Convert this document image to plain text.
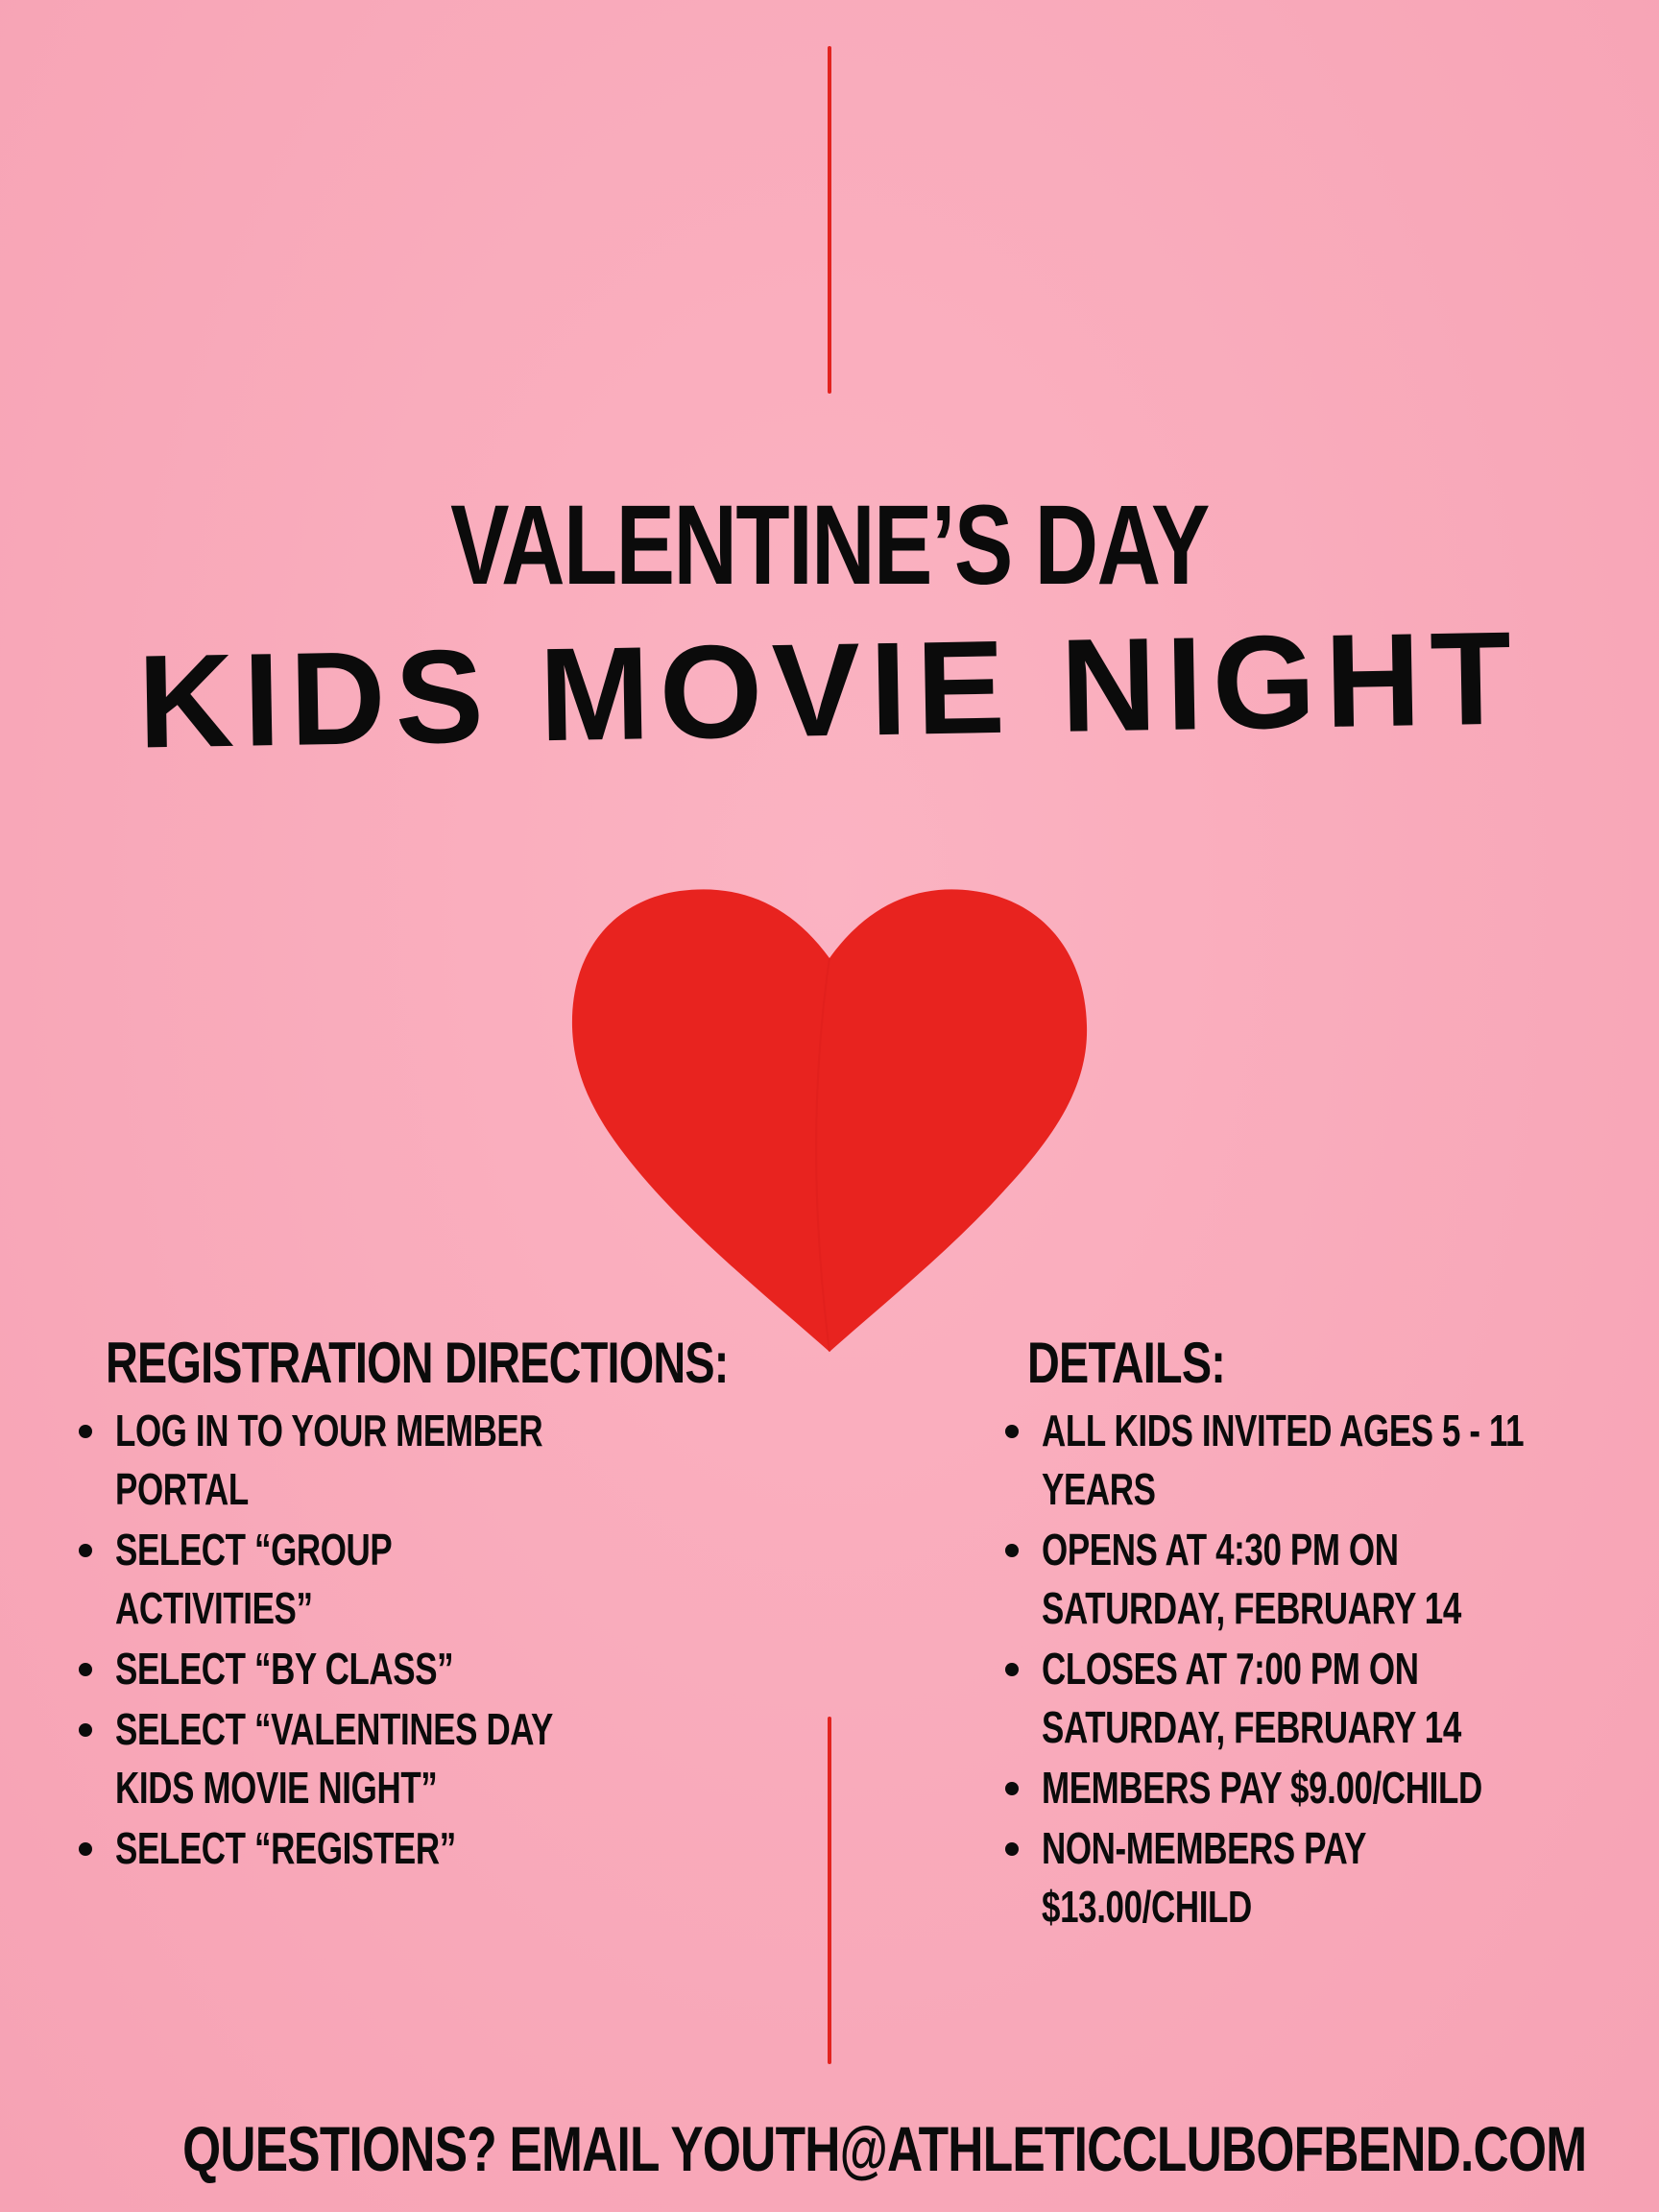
VALENTINE’S DAY
KIDS MOVIE NIGHT
REGISTRATION DIRECTIONS:
LOG IN TO YOUR MEMBER PORTAL
SELECT “GROUP ACTIVITIES”
SELECT “BY CLASS”
SELECT “VALENTINES DAY KIDS MOVIE NIGHT”
SELECT “REGISTER”
DETAILS:
ALL KIDS INVITED AGES 5 - 11 YEARS
OPENS AT 4:30 PM ON SATURDAY, FEBRUARY 14
CLOSES AT 7:00 PM ON SATURDAY, FEBRUARY 14
MEMBERS PAY $9.00/CHILD
NON-MEMBERS PAY $13.00/CHILD
QUESTIONS? EMAIL YOUTH@ATHLETICCLUBOFBEND.COM
